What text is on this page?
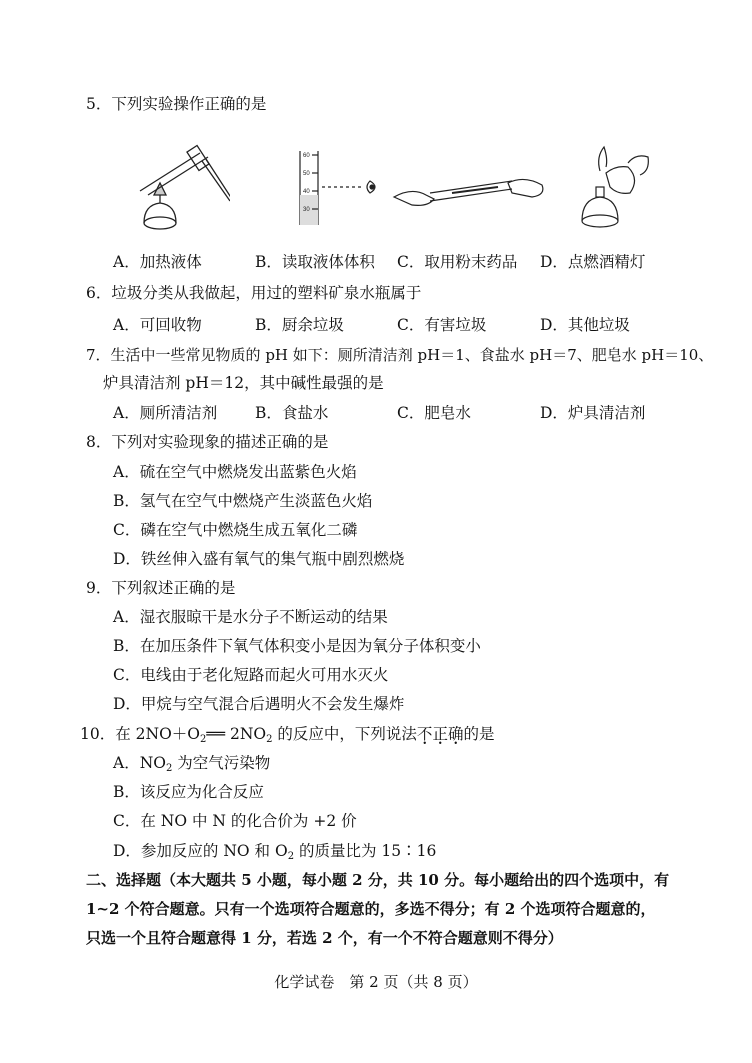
5．下列实验操作正确的是
60
50
40
30
A．加热液体	B．读取液体体积 C．取用粉末药品 D．点燃酒精灯
6．垃圾分类从我做起，用过的塑料矿泉水瓶属于
A．可回收物	B．厨余垃圾	C．有害垃圾	D．其他垃圾
7．生活中一些常见物质的 pH 如下：厕所清洁剂 pH＝1、食盐水 pH＝7、肥皂水 pH＝10、
炉具清洁剂 pH＝12，其中碱性最强的是
A．厕所清洁剂 B．食盐水	C．肥皂水	D．炉具清洁剂
8．下列对实验现象的描述正确的是
A．硫在空气中燃烧发出蓝紫色火焰
B．氢气在空气中燃烧产生淡蓝色火焰
C．磷在空气中燃烧生成五氧化二磷
D．铁丝伸入盛有氧气的集气瓶中剧烈燃烧
9．下列叙述正确的是
A．湿衣服晾干是水分子不断运动的结果
B．在加压条件下氧气体积变小是因为氧分子体积变小
C．电线由于老化短路而起火可用水灭火
D．甲烷与空气混合后遇明火不会发生爆炸
10．在 $2NO+O_2══$ $2NO_2$ 的反应中，下列说法不正确的是
A．$NO_2$ 为空气污染物
B．该反应为化合反应
C．在 NO 中 N 的化合价为 +2 价
D．参加反应的 NO 和 $O_2$ 的质量比为 15∶16
二、选择题（本大题共 5 小题，每小题 2 分，共 10 分。每小题给出的四个选项中，有
1~2 个符合题意。只有一个选项符合题意的，多选不得分；有 2 个选项符合题意的，
只选一个且符合题意得 1 分，若选 2 个，有一个不符合题意则不得分）
化学试卷　第 2 页（共 8 页）
